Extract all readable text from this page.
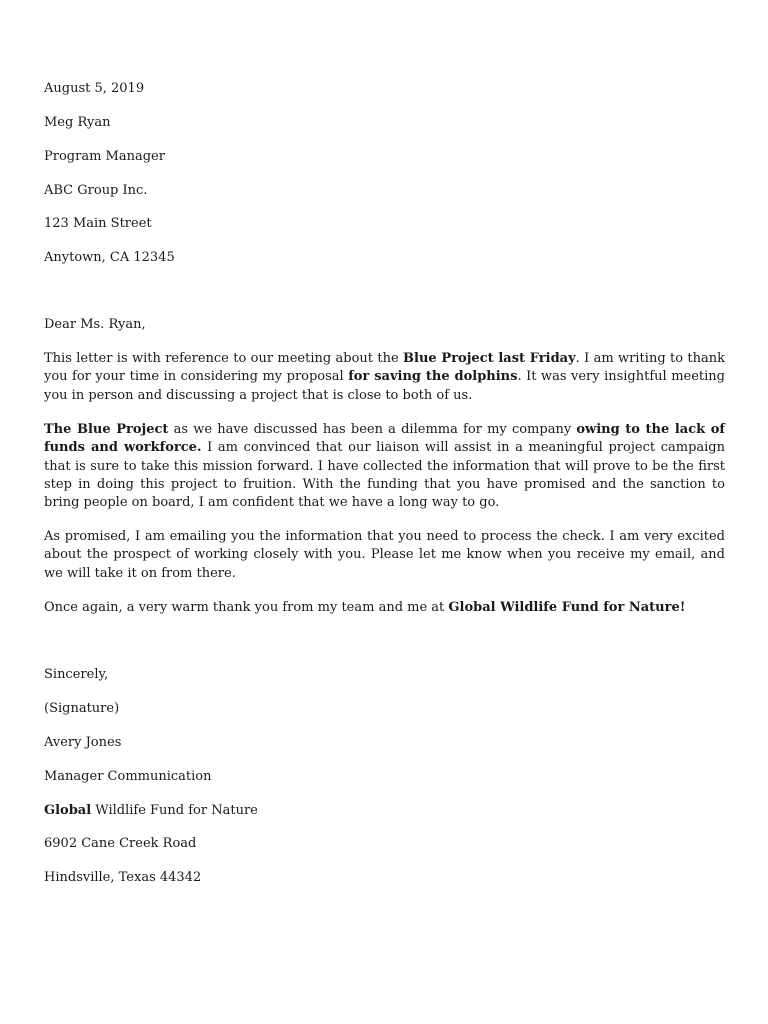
August 5, 2019
Meg Ryan
Program Manager
ABC Group Inc.
123 Main Street
Anytown, CA 12345
Dear Ms. Ryan,
This letter is with reference to our meeting about the Blue Project last Friday. I am writing to thank you for your time in considering my proposal for saving the dolphins. It was very insightful meeting you in person and discussing a project that is close to both of us.
The Blue Project as we have discussed has been a dilemma for my company owing to the lack of funds and workforce. I am convinced that our liaison will assist in a meaningful project campaign that is sure to take this mission forward. I have collected the information that will prove to be the first step in doing this project to fruition. With the funding that you have promised and the sanction to bring people on board, I am confident that we have a long way to go.
As promised, I am emailing you the information that you need to process the check. I am very excited about the prospect of working closely with you. Please let me know when you receive my email, and we will take it on from there.
Once again, a very warm thank you from my team and me at Global Wildlife Fund for Nature!
Sincerely,
(Signature)
Avery Jones
Manager Communication
Global Wildlife Fund for Nature
6902 Cane Creek Road
Hindsville, Texas 44342
